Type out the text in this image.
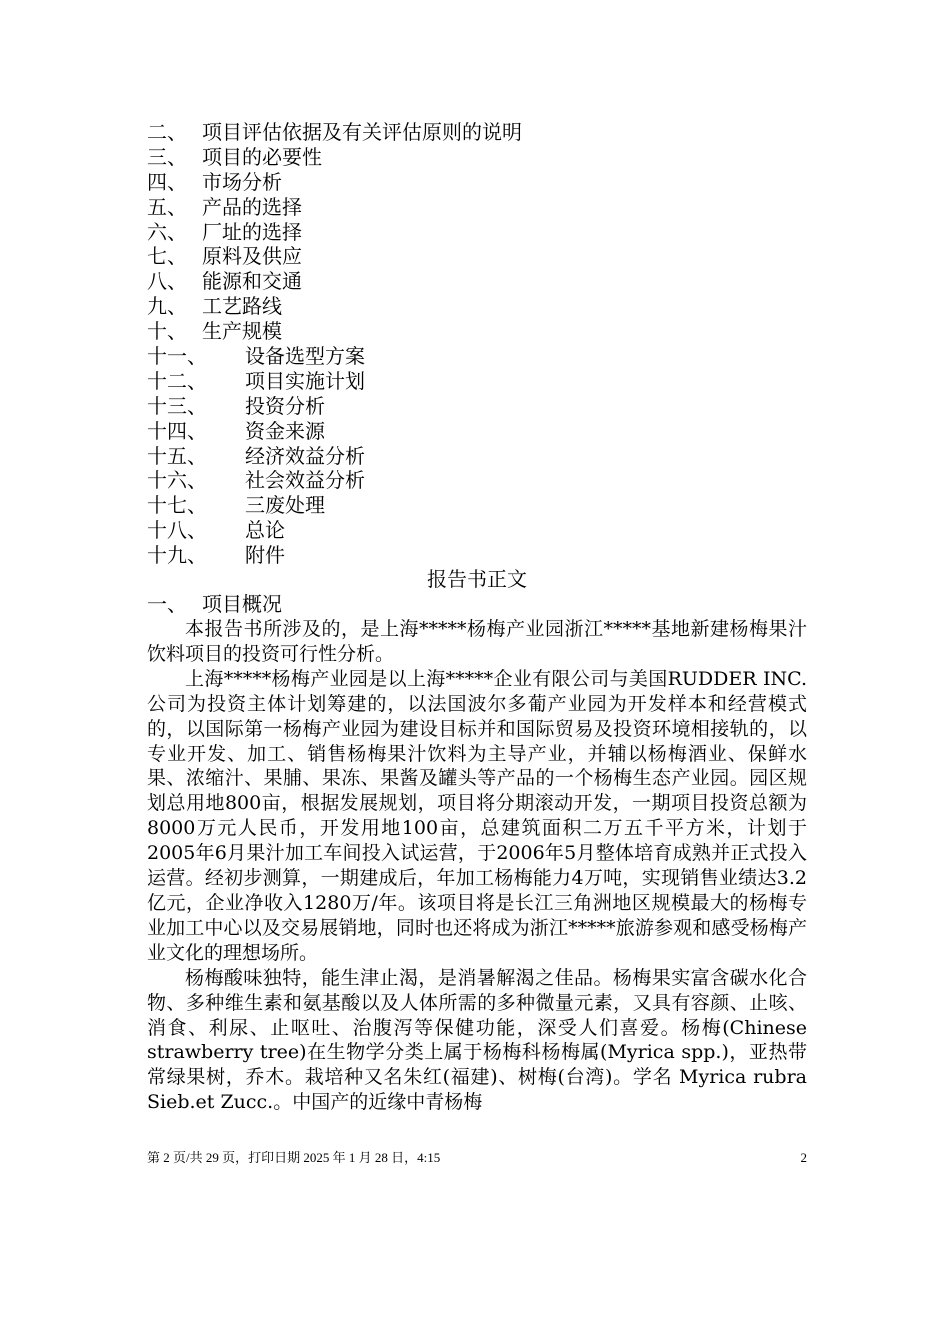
二、 项目评估依据及有关评估原则的说明
三、 项目的必要性
四、 市场分析
五、 产品的选择
六、 厂址的选择
七、 原料及供应
八、 能源和交通
九、 工艺路线
十、 生产规模
十一、 设备选型方案
十二、 项目实施计划
十三、 投资分析
十四、 资金来源
十五、 经济效益分析
十六、 社会效益分析
十七、 三废处理
十八、 总论
十九、 附件
报告书正文
一、 项目概况

本报告书所涉及的，是上海*****杨梅产业园浙江*****基地新建杨梅果汁饮料项目的投资可行性分析。

上海*****杨梅产业园是以上海*****企业有限公司与美国RUDDER INC.公司为投资主体计划筹建的，以法国波尔多葡产业园为开发样本和经营模式的，以国际第一杨梅产业园为建设目标并和国际贸易及投资环境相接轨的，以专业开发、加工、销售杨梅果汁饮料为主导产业，并辅以杨梅酒业、保鲜水果、浓缩汁、果脯、果冻、果酱及罐头等产品的一个杨梅生态产业园。园区规划总用地800亩，根据发展规划，项目将分期滚动开发，一期项目投资总额为8000万元人民币，开发用地100亩，总建筑面积二万五千平方米，计划于2005年6月果汁加工车间投入试运营，于2006年5月整体培育成熟并正式投入运营。经初步测算，一期建成后，年加工杨梅能力4万吨，实现销售业绩达3.2亿元，企业净收入1280万/年。该项目将是长江三角洲地区规模最大的杨梅专业加工中心以及交易展销地，同时也还将成为浙江*****旅游参观和感受杨梅产业文化的理想场所。

杨梅酸味独特，能生津止渴，是消暑解渴之佳品。杨梅果实富含碳水化合物、多种维生素和氨基酸以及人体所需的多种微量元素，又具有容颜、止咳、消食、利尿、止呕吐、治腹泻等保健功能，深受人们喜爱。杨梅(Chinese strawberry tree)在生物学分类上属于杨梅科杨梅属(Myrica spp.)，亚热带常绿果树，乔木。栽培种又名朱红(福建)、树梅(台湾)。学名 Myrica rubra Sieb.et Zucc.。中国产的近缘中青杨梅

第 2 页/共 29 页，打印日期 2025 年 1 月 28 日，4:15	2
